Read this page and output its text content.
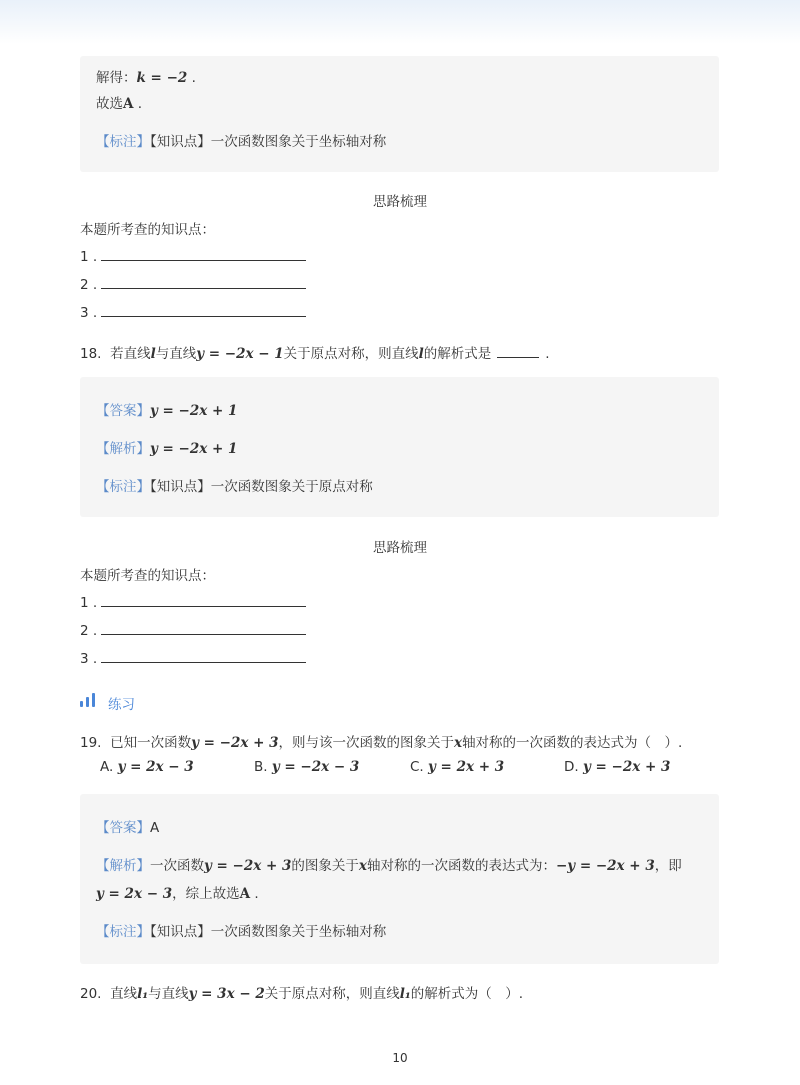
解得：k = −2 .
故选A .
【标注】【知识点】一次函数图象关于坐标轴对称
思路梳理
本题所考查的知识点：
1 .
2 .
3 .
18. 若直线l与直线y = −2x − 1关于原点对称，则直线l的解析式是	.
【答案】y = −2x + 1
【解析】y = −2x + 1
【标注】【知识点】一次函数图象关于原点对称
思路梳理
本题所考查的知识点：
1 .
2 .
3 .
练习
19. 已知一次函数y = −2x + 3，则与该一次函数的图象关于x轴对称的一次函数的表达式为（　）.
A. y = 2x − 3	B. y = −2x − 3	C. y = 2x + 3	D. y = −2x + 3
【答案】A
【解析】一次函数y = −2x + 3的图象关于x轴对称的一次函数的表达式为：−y = −2x + 3，即
y = 2x − 3，综上故选A .
【标注】【知识点】一次函数图象关于坐标轴对称
20. 直线l₁与直线y = 3x − 2关于原点对称，则直线l₁的解析式为（　）.
10
